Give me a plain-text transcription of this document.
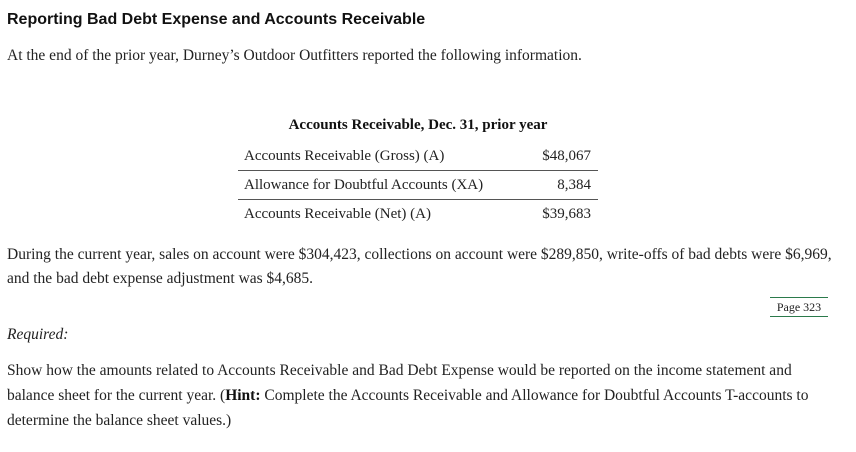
Reporting Bad Debt Expense and Accounts Receivable

At the end of the prior year, Durney’s Outdoor Outfitters reported the following information.

Accounts Receivable, Dec. 31, prior year
Accounts Receivable (Gross) (A)	$48,067
Allowance for Doubtful Accounts (XA)	8,384
Accounts Receivable (Net) (A)	$39,683

During the current year, sales on account were $304,423, collections on account were $289,850, write-offs of bad debts were $6,969, and the bad debt expense adjustment was $4,685.

Page 323

Required:

Show how the amounts related to Accounts Receivable and Bad Debt Expense would be reported on the income statement and balance sheet for the current year. (Hint: Complete the Accounts Receivable and Allowance for Doubtful Accounts T-accounts to determine the balance sheet values.)
